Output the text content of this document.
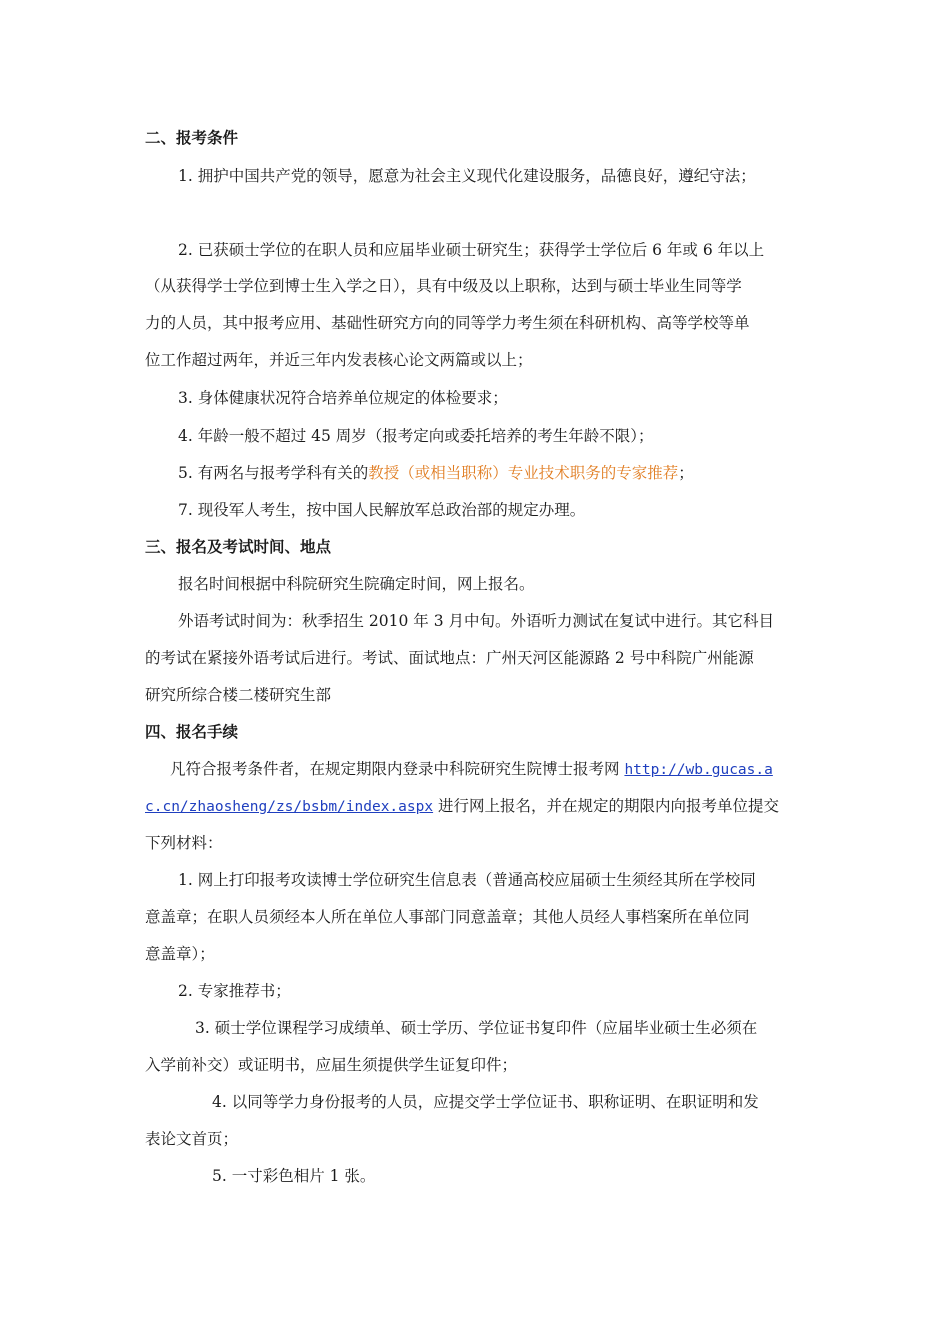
二、报考条件
1. 拥护中国共产党的领导，愿意为社会主义现代化建设服务，品德良好，遵纪守法；
2. 已获硕士学位的在职人员和应届毕业硕士研究生；获得学士学位后 6 年或 6 年以上
（从获得学士学位到博士生入学之日），具有中级及以上职称，达到与硕士毕业生同等学
力的人员，其中报考应用、基础性研究方向的同等学力考生须在科研机构、高等学校等单
位工作超过两年，并近三年内发表核心论文两篇或以上；
3. 身体健康状况符合培养单位规定的体检要求；
4. 年龄一般不超过 45 周岁（报考定向或委托培养的考生年龄不限）；
5. 有两名与报考学科有关的教授（或相当职称）专业技术职务的专家推荐；
7. 现役军人考生，按中国人民解放军总政治部的规定办理。
三、报名及考试时间、地点
报名时间根据中科院研究生院确定时间，网上报名。
外语考试时间为：秋季招生 2010 年 3 月中旬。外语听力测试在复试中进行。其它科目
的考试在紧接外语考试后进行。考试、面试地点：广州天河区能源路 2 号中科院广州能源
研究所综合楼二楼研究生部
四、报名手续
凡符合报考条件者，在规定期限内登录中科院研究生院博士报考网 http://wb.gucas.a
c.cn/zhaosheng/zs/bsbm/index.aspx 进行网上报名，并在规定的期限内向报考单位提交
下列材料：
1. 网上打印报考攻读博士学位研究生信息表（普通高校应届硕士生须经其所在学校同
意盖章；在职人员须经本人所在单位人事部门同意盖章；其他人员经人事档案所在单位同
意盖章）；
2. 专家推荐书；
3. 硕士学位课程学习成绩单、硕士学历、学位证书复印件（应届毕业硕士生必须在
入学前补交）或证明书，应届生须提供学生证复印件；
4. 以同等学力身份报考的人员，应提交学士学位证书、职称证明、在职证明和发
表论文首页；
5. 一寸彩色相片 1 张。
